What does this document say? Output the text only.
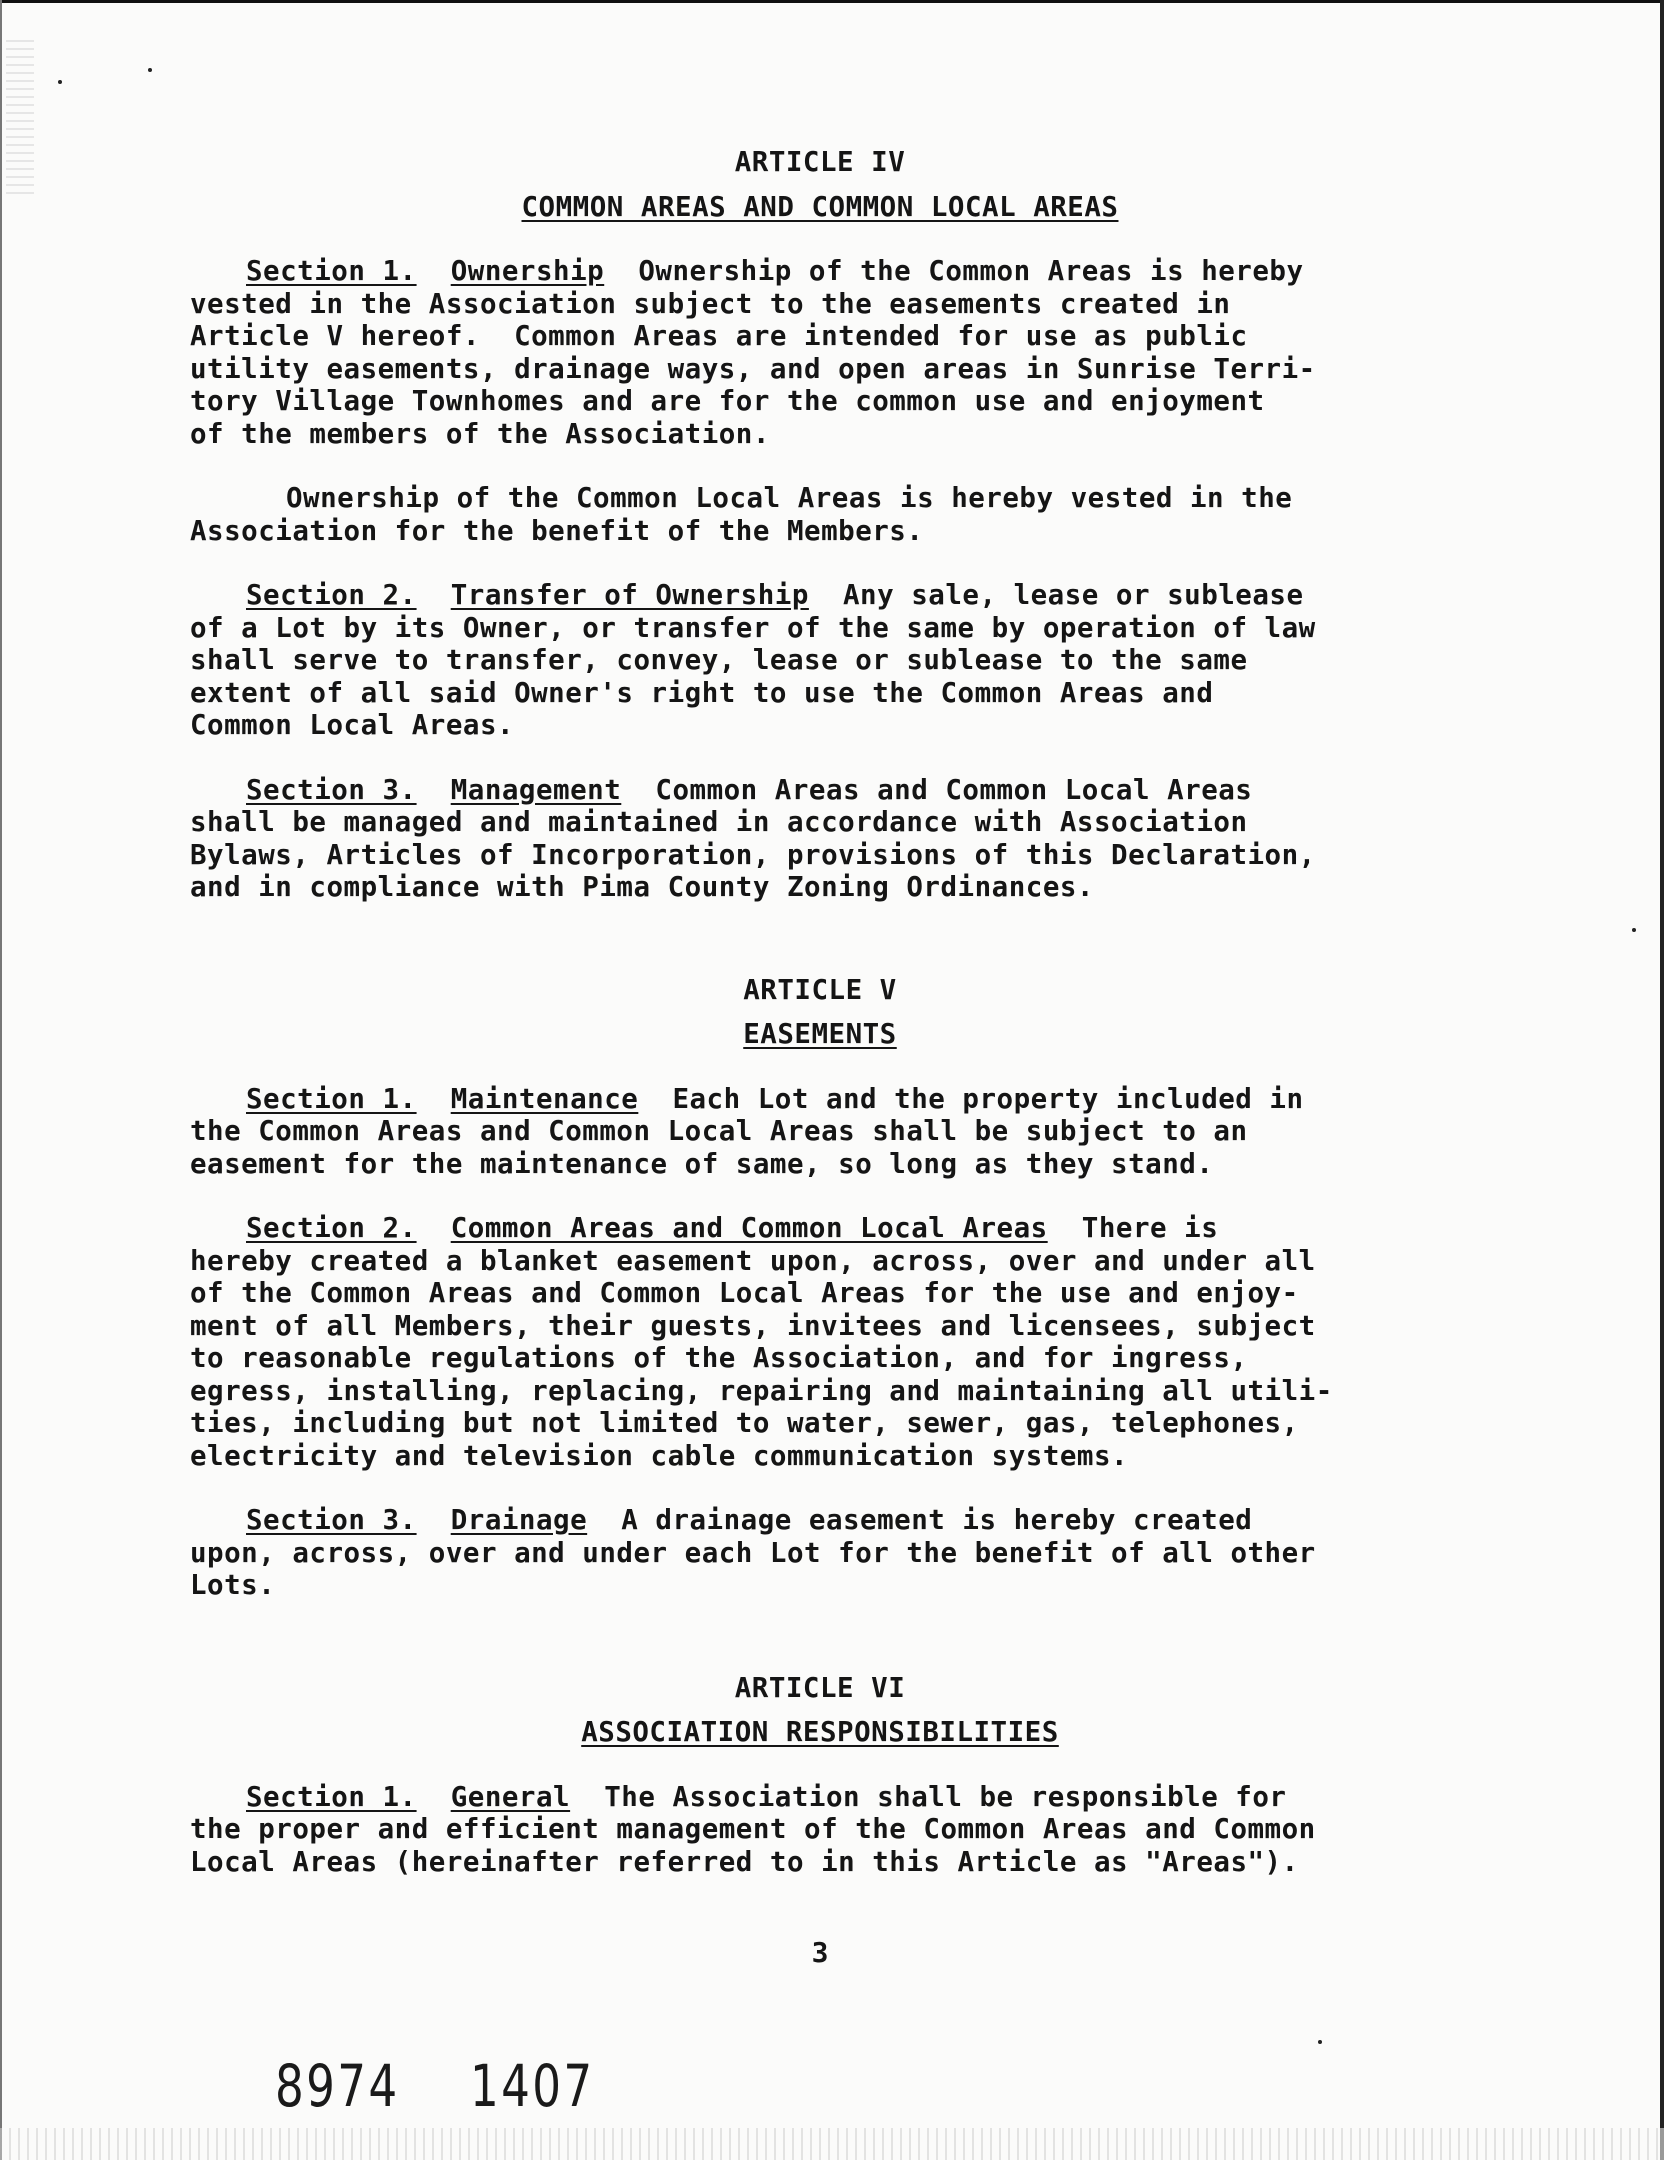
ARTICLE IV
COMMON AREAS AND COMMON LOCAL AREAS
Section 1. Ownership  Ownership of the Common Areas is hereby
vested in the Association subject to the easements created in
Article V hereof.  Common Areas are intended for use as public
utility easements, drainage ways, and open areas in Sunrise Terri-
tory Village Townhomes and are for the common use and enjoyment
of the members of the Association.
Ownership of the Common Local Areas is hereby vested in the
Association for the benefit of the Members.
Section 2. Transfer of Ownership  Any sale, lease or sublease
of a Lot by its Owner, or transfer of the same by operation of law
shall serve to transfer, convey, lease or sublease to the same
extent of all said Owner's right to use the Common Areas and
Common Local Areas.
Section 3. Management  Common Areas and Common Local Areas
shall be managed and maintained in accordance with Association
Bylaws, Articles of Incorporation, provisions of this Declaration,
and in compliance with Pima County Zoning Ordinances.
ARTICLE V
EASEMENTS
Section 1. Maintenance  Each Lot and the property included in
the Common Areas and Common Local Areas shall be subject to an
easement for the maintenance of same, so long as they stand.
Section 2. Common Areas and Common Local Areas  There is
hereby created a blanket easement upon, across, over and under all
of the Common Areas and Common Local Areas for the use and enjoy-
ment of all Members, their guests, invitees and licensees, subject
to reasonable regulations of the Association, and for ingress,
egress, installing, replacing, repairing and maintaining all utili-
ties, including but not limited to water, sewer, gas, telephones,
electricity and television cable communication systems.
Section 3. Drainage  A drainage easement is hereby created
upon, across, over and under each Lot for the benefit of all other
Lots.
ARTICLE VI
ASSOCIATION RESPONSIBILITIES
Section 1. General  The Association shall be responsible for
the proper and efficient management of the Common Areas and Common
Local Areas (hereinafter referred to in this Article as "Areas").
3
8974 1407
